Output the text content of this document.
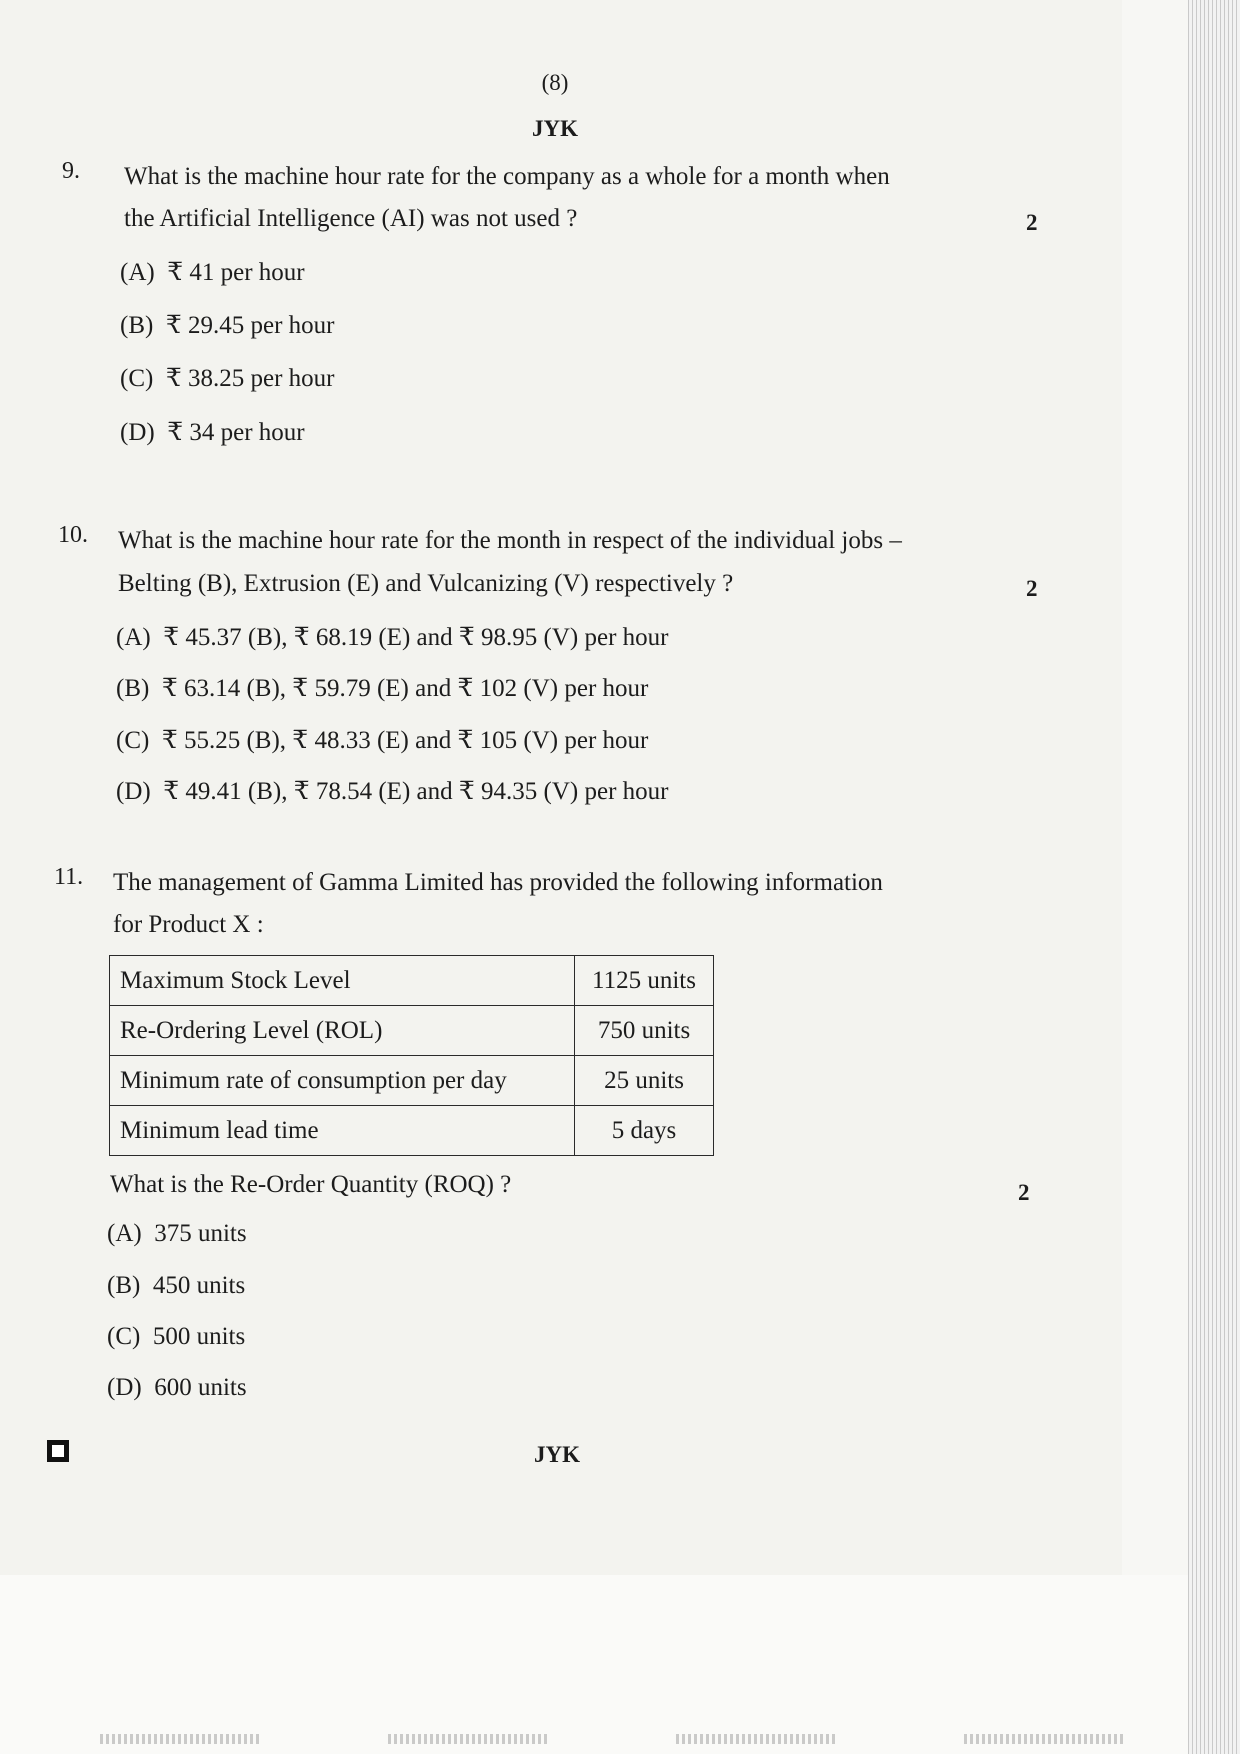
(8)
JYK
9. What is the machine hour rate for the company as a whole for a month when
the Artificial Intelligence (AI) was not used ?	2
(A) ₹ 41 per hour
(B) ₹ 29.45 per hour
(C) ₹ 38.25 per hour
(D) ₹ 34 per hour
10. What is the machine hour rate for the month in respect of the individual jobs –
Belting (B), Extrusion (E) and Vulcanizing (V) respectively ?	2
(A) ₹ 45.37 (B), ₹ 68.19 (E) and ₹ 98.95 (V) per hour
(B) ₹ 63.14 (B), ₹ 59.79 (E) and ₹ 102 (V) per hour
(C) ₹ 55.25 (B), ₹ 48.33 (E) and ₹ 105 (V) per hour
(D) ₹ 49.41 (B), ₹ 78.54 (E) and ₹ 94.35 (V) per hour
11. The management of Gamma Limited has provided the following information
for Product X :
Maximum Stock Level	1125 units
Re-Ordering Level (ROL)	750 units
Minimum rate of consumption per day	25 units
Minimum lead time	5 days
What is the Re-Order Quantity (ROQ) ?	2
(A) 375 units
(B) 450 units
(C) 500 units
(D) 600 units
JYK
